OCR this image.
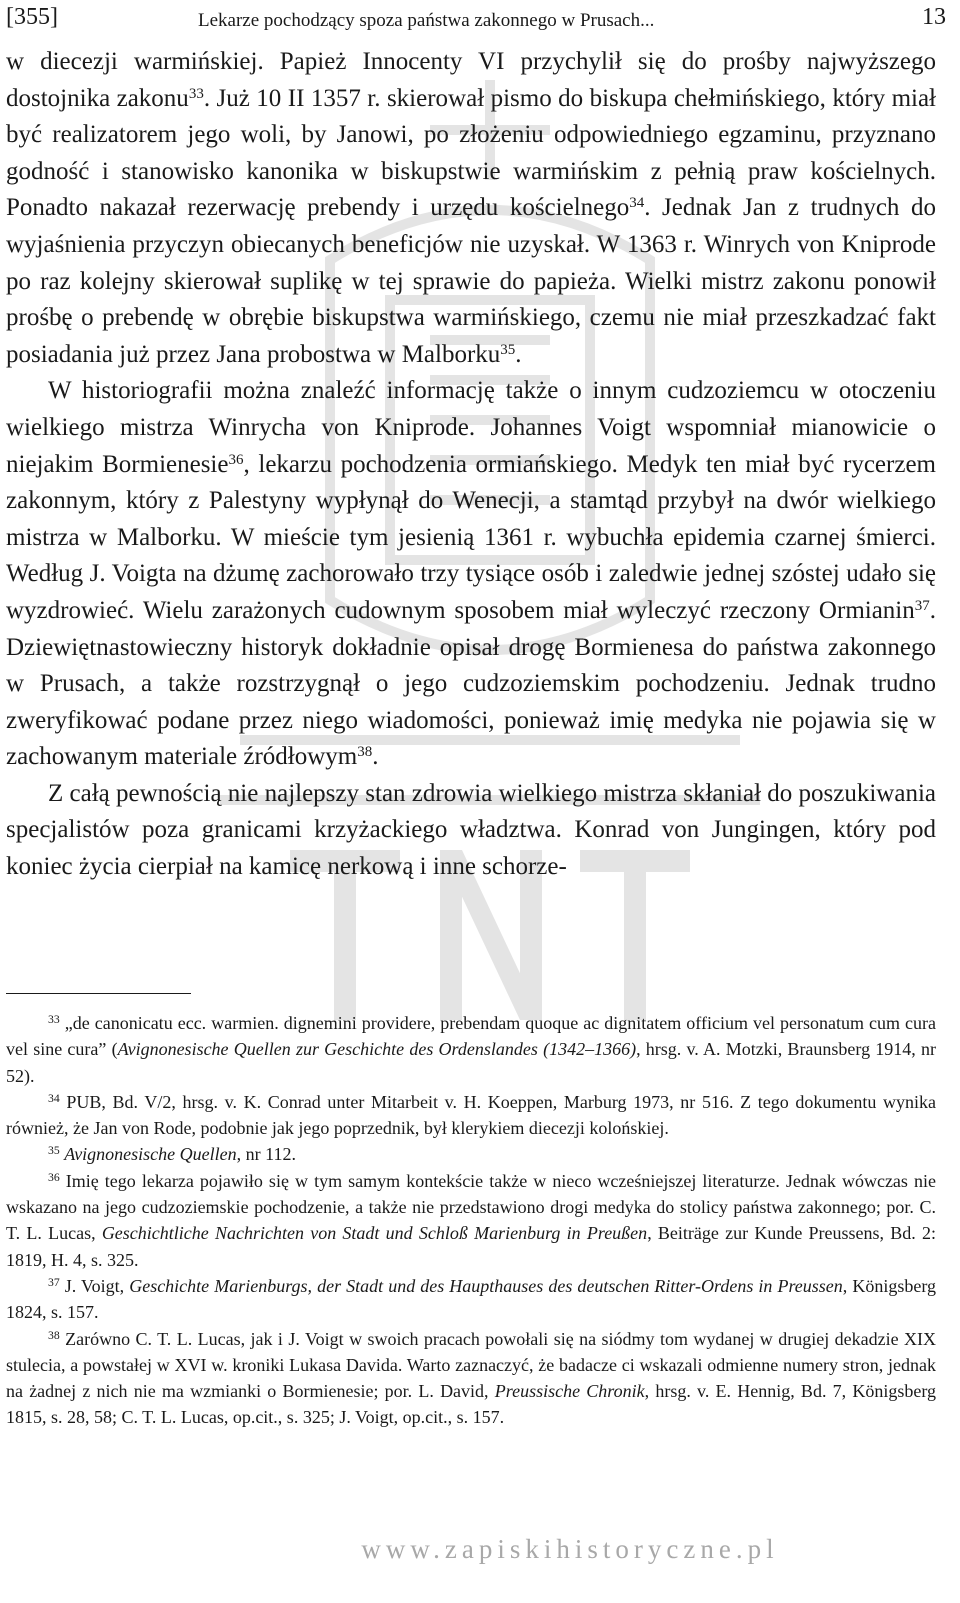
[355]	Lekarze pochodzący spoza państwa zakonnego w Prusach...	13

w diecezji warmińskiej. Papież Innocenty VI przychylił się do prośby najwyższego dostojnika zakonu$^{33}$. Już 10 II 1357 r. skierował pismo do biskupa chełmińskiego, który miał być realizatorem jego woli, by Janowi, po złożeniu odpowiedniego egzaminu, przyznano godność i stanowisko kanonika w biskupstwie warmińskim z pełnią praw kościelnych. Ponadto nakazał rezerwację prebendy i urzędu kościelnego$^{34}$. Jednak Jan z trudnych do wyjaśnienia przyczyn obiecanych beneficjów nie uzyskał. W 1363 r. Winrych von Kniprode po raz kolejny skierował suplikę w tej sprawie do papieża. Wielki mistrz zakonu ponowił prośbę o prebendę w obrębie biskupstwa warmińskiego, czemu nie miał przeszkadzać fakt posiadania już przez Jana probostwa w Malborku$^{35}$.

W historiografii można znaleźć informację także o innym cudzoziemcu w otoczeniu wielkiego mistrza Winrycha von Kniprode. Johannes Voigt wspomniał mianowicie o niejakim Bormienesie$^{36}$, lekarzu pochodzenia ormiańskiego. Medyk ten miał być rycerzem zakonnym, który z Palestyny wypłynął do Wenecji, a stamtąd przybył na dwór wielkiego mistrza w Malborku. W mieście tym jesienią 1361 r. wybuchła epidemia czarnej śmierci. Według J. Voigta na dżumę zachorowało trzy tysiące osób i zaledwie jednej szóstej udało się wyzdrowieć. Wielu zarażonych cudownym sposobem miał wyleczyć rzeczony Ormianin$^{37}$. Dziewiętnastowieczny historyk dokładnie opisał drogę Bormienesa do państwa zakonnego w Prusach, a także rozstrzygnął o jego cudzoziemskim pochodzeniu. Jednak trudno zweryfikować podane przez niego wiadomości, ponieważ imię medyka nie pojawia się w zachowanym materiale źródłowym$^{38}$.

Z całą pewnością nie najlepszy stan zdrowia wielkiego mistrza skłaniał do poszukiwania specjalistów poza granicami krzyżackiego władztwa. Konrad von Jungingen, który pod koniec życia cierpiał na kamicę nerkową i inne schorze-

$^{33}$ „de canonicatu ecc. warmien. dignemini providere, prebendam quoque ac dignitatem officium vel personatum cum cura vel sine cura” (Avignonesische Quellen zur Geschichte des Ordenslandes (1342–1366), hrsg. v. A. Motzki, Braunsberg 1914, nr 52).

$^{34}$ PUB, Bd. V/2, hrsg. v. K. Conrad unter Mitarbeit v. H. Koeppen, Marburg 1973, nr 516. Z tego dokumentu wynika również, że Jan von Rode, podobnie jak jego poprzednik, był klerykiem diecezji kolońskiej.

$^{35}$ Avignonesische Quellen, nr 112.

$^{36}$ Imię tego lekarza pojawiło się w tym samym kontekście także w nieco wcześniejszej literaturze. Jednak wówczas nie wskazano na jego cudzoziemskie pochodzenie, a także nie przedstawiono drogi medyka do stolicy państwa zakonnego; por. C. T. L. Lucas, Geschichtliche Nachrichten von Stadt und Schloß Marienburg in Preußen, Beiträge zur Kunde Preussens, Bd. 2: 1819, H. 4, s. 325.

$^{37}$ J. Voigt, Geschichte Marienburgs, der Stadt und des Haupthauses des deutschen Ritter-Ordens in Preussen, Königsberg 1824, s. 157.

$^{38}$ Zarówno C. T. L. Lucas, jak i J. Voigt w swoich pracach powołali się na siódmy tom wydanej w drugiej dekadzie XIX stulecia, a powstałej w XVI w. kroniki Lukasa Davida. Warto zaznaczyć, że badacze ci wskazali odmienne numery stron, jednak na żadnej z nich nie ma wzmianki o Bormienesie; por. L. David, Preussische Chronik, hrsg. v. E. Hennig, Bd. 7, Königsberg 1815, s. 28, 58; C. T. L. Lucas, op.cit., s. 325; J. Voigt, op.cit., s. 157.

www.zapiskihistoryczne.pl
